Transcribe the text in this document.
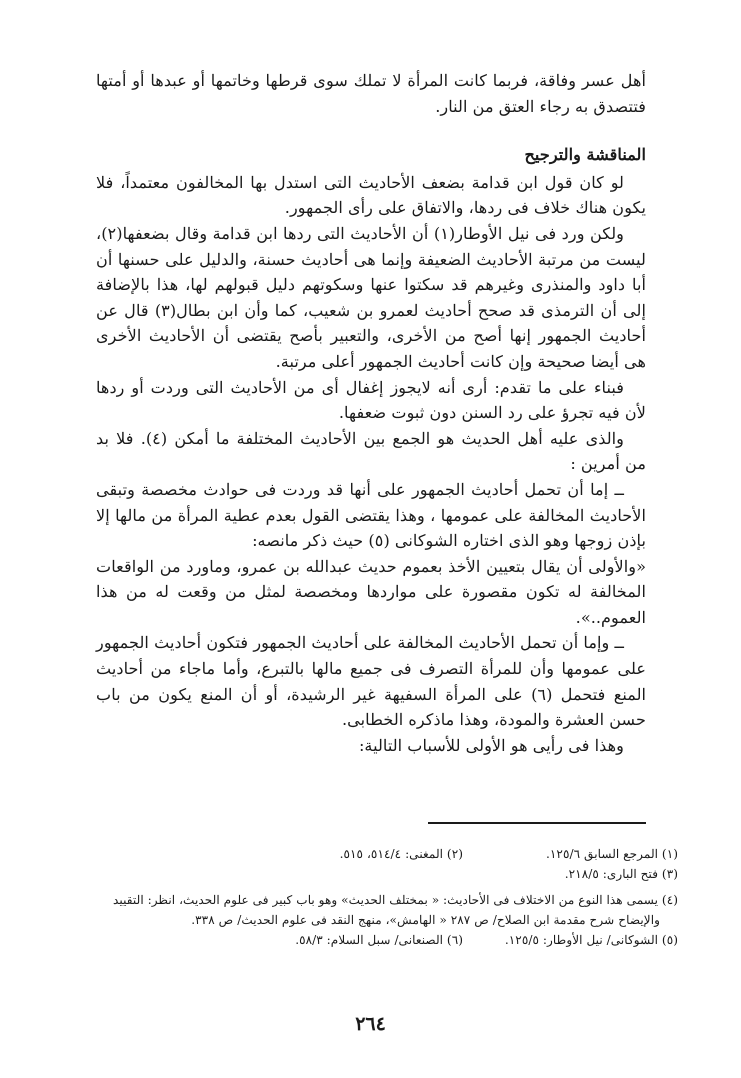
أهل عسر وفاقة، فربما كانت المرأة لا تملك سوى قرطها وخاتمها أو عبدها أو أمتها فتتصدق به رجاء العتق من النار.

المناقشة والترجيح

لو كان قول ابن قدامة بضعف الأحاديث التى استدل بها المخالفون معتمداً، فلا يكون هناك خلاف فى ردها، والاتفاق على رأى الجمهور.

ولكن ورد فى نيل الأوطار(١) أن الأحاديث التى ردها ابن قدامة وقال بضعفها(٢)، ليست من مرتبة الأحاديث الضعيفة وإنما هى أحاديث حسنة، والدليل على حسنها أن أبا داود والمنذرى وغيرهم قد سكتوا عنها وسكوتهم دليل قبولهم لها، هذا بالإضافة إلى أن الترمذى قد صحح أحاديث لعمرو بن شعيب، كما وأن ابن بطال(٣) قال عن أحاديث الجمهور إنها أصح من الأخرى، والتعبير بأصح يقتضى أن الأحاديث الأخرى هى أيضا صحيحة وإن كانت أحاديث الجمهور أعلى مرتبة.

فبناء على ما تقدم: أرى أنه لايجوز إغفال أى من الأحاديث التى وردت أو ردها لأن فيه تجرؤ على رد السنن دون ثبوت ضعفها.

والذى عليه أهل الحديث هو الجمع بين الأحاديث المختلفة ما أمكن (٤). فلا بد من أمرين :

ــ إما أن تحمل أحاديث الجمهور على أنها قد وردت فى حوادث مخصصة وتبقى الأحاديث المخالفة على عمومها ، وهذا يقتضى القول بعدم عطية المرأة من مالها إلا بإذن زوجها وهو الذى اختاره الشوكانى (٥) حيث ذكر مانصه:

«والأولى أن يقال بتعيين الأخذ بعموم حديث عبدالله بن عمرو، وماورد من الواقعات المخالفة له تكون مقصورة على مواردها ومخصصة لمثل من وقعت له من هذا العموم..».

ــ وإما أن تحمل الأحاديث المخالفة على أحاديث الجمهور فتكون أحاديث الجمهور على عمومها وأن للمرأة التصرف فى جميع مالها بالتبرع، وأما ماجاء من أحاديث المنع فتحمل (٦) على المرأة السفيهة غير الرشيدة، أو أن المنع يكون من باب حسن العشرة والمودة، وهذا ماذكره الخطابى.

وهذا فى رأيى هو الأولى للأسباب التالية:

(١) المرجع السابق ١٢٥/٦.
(٢) المغنى: ٥١٤/٤، ٥١٥.
(٣) فتح البارى: ٢١٨/٥.
(٤) يسمى هذا النوع من الاختلاف فى الأحاديث: « بمختلف الحديث» وهو باب كبير فى علوم الحديث، انظر: التقييد
والإيضاح شرح مقدمة ابن الصلاح/ ص ٢٨٧ « الهامش»، منهج النقد فى علوم الحديث/ ص ٣٣٨.
(٥) الشوكانى/ نيل الأوطار: ١٢٥/٥.
(٦) الصنعانى/ سبل السلام: ٥٨/٣.
٢٦٤
